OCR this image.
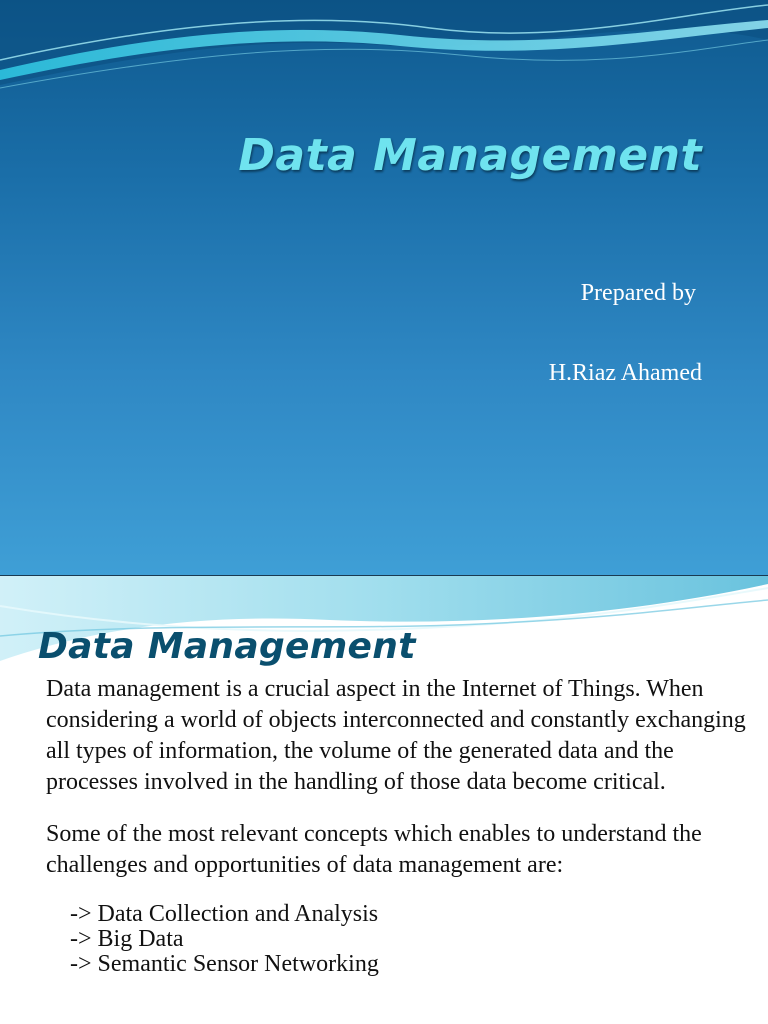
Data Management
Prepared by
H.Riaz Ahamed
Data Management

Data management is a crucial aspect in the Internet of Things. When considering a world of objects interconnected and constantly exchanging all types of information, the volume of the generated data and the processes involved in the handling of those data become critical.

Some of the most relevant concepts which enables to understand the challenges and opportunities of data management are:

-> Data Collection and Analysis
-> Big Data
-> Semantic Sensor Networking
